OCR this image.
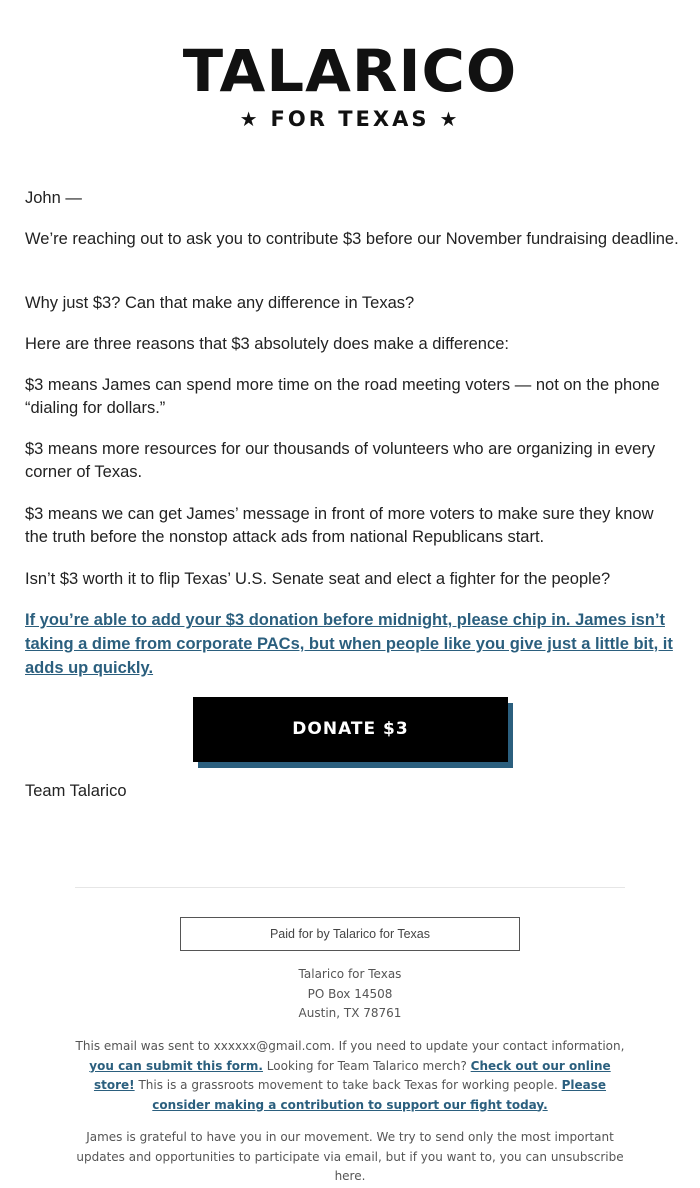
TALARICO
★ FOR TEXAS ★

John —

We’re reaching out to ask you to contribute $3 before our November fundraising deadline.

Why just $3? Can that make any difference in Texas?

Here are three reasons that $3 absolutely does make a difference:

$3 means James can spend more time on the road meeting voters — not on the phone “dialing for dollars.”

$3 means more resources for our thousands of volunteers who are organizing in every corner of Texas.

$3 means we can get James’ message in front of more voters to make sure they know the truth before the nonstop attack ads from national Republicans start.

Isn’t $3 worth it to flip Texas’ U.S. Senate seat and elect a fighter for the people?

If you’re able to add your $3 donation before midnight, please chip in. James isn’t taking a dime from corporate PACs, but when people like you give just a little bit, it adds up quickly.
DONATE $3
Team Talarico
Paid for by Talarico for Texas
Talarico for Texas
PO Box 14508
Austin, TX 78761
This email was sent to xxxxxx@gmail.com. If you need to update your contact information, you can submit this form. Looking for Team Talarico merch? Check out our online store! This is a grassroots movement to take back Texas for working people. Please consider making a contribution to support our fight today.
James is grateful to have you in our movement. We try to send only the most important updates and opportunities to participate via email, but if you want to, you can unsubscribe here.
